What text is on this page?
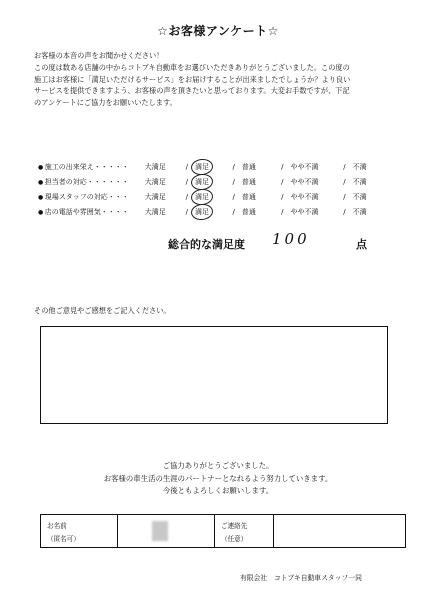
☆お客様アンケート☆

お客様の本音の声をお聞かせください！

この度は数ある店舗の中からコトブキ自動車をお選びいただきありがとうございました。この度の

施工はお客様に「満足いただけるサービス」をお届けすることが出来ましたでしょうか？より良い

サービスを提供できますよう、お客様の声を頂きたいと思っております。大変お手数ですが、下記

のアンケートにご協力をお願いいたします。

●
施工の出来栄え・・・・・	大満足	/ 満足	/ 普通	/ やや不満	/ 不満
●
担当者の対応・・・・・・	大満足	/ 満足	/ 普通	/ やや不満	/ 不満
●
現場スタッフの対応・・・	大満足	/ 満足	/ 普通	/ やや不満	/ 不満
●
店の電話や雰囲気・・・・	大満足	/ 満足	/ 普通	/ やや不満	/ 不満
総合的な満足度 100	点
その他ご意見やご感想をご記入ください。

ご協力ありがとうございました。

お客様の車生活の生涯のパートナーとなれるよう努力していきます。

今後ともよろしくお願いします。

お名前
（匿名可）
ご連絡先
（任意）
有限会社　コトブキ自動車スタッフ一同
